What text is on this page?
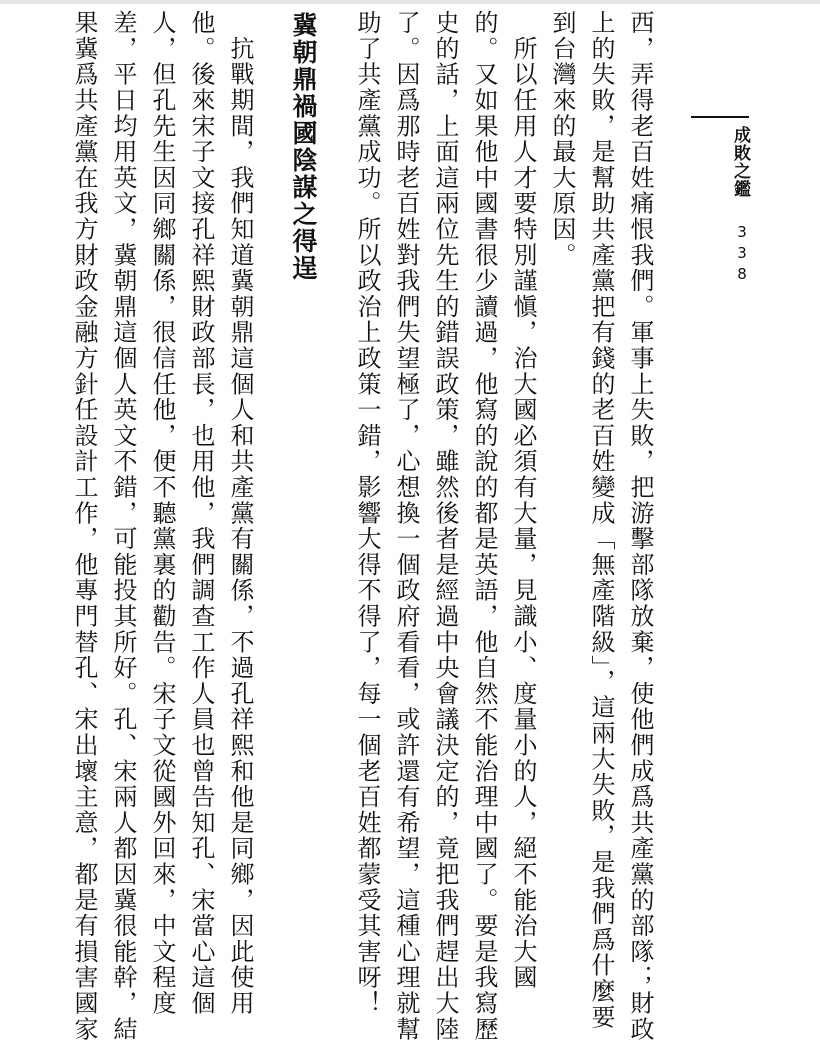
成敗之鑑
338
西，弄得老百姓痛恨我們。軍事上失敗，把游擊部隊放棄，使他們成爲共產黨的部隊；財政
上的失敗，是幫助共產黨把有錢的老百姓變成「無產階級」，這兩大失敗，是我們爲什麼要
到台灣來的最大原因。
　所以任用人才要特別謹愼，治大國必須有大量，見識小、度量小的人，絕不能治大國
的。又如果他中國書很少讀過，他寫的說的都是英語，他自然不能治理中國了。要是我寫歷
史的話，上面這兩位先生的錯誤政策，雖然後者是經過中央會議決定的，竟把我們趕出大陸
了。因爲那時老百姓對我們失望極了，心想換一個政府看看，或許還有希望，這種心理就幫
助了共產黨成功。所以政治上政策一錯，影響大得不得了，每一個老百姓都蒙受其害呀！
冀朝鼎禍國陰謀之得逞
　抗戰期間，我們知道冀朝鼎這個人和共產黨有關係，不過孔祥熙和他是同鄉，因此使用
他。後來宋子文接孔祥熙財政部長，也用他，我們調查工作人員也曾告知孔、宋當心這個
人，但孔先生因同鄉關係，很信任他，便不聽黨裏的勸告。宋子文從國外回來，中文程度
差，平日均用英文，冀朝鼎這個人英文不錯，可能投其所好。孔、宋兩人都因冀很能幹，結
果冀爲共產黨在我方財政金融方針任設計工作，他專門替孔、宋出壞主意，都是有損害國家
